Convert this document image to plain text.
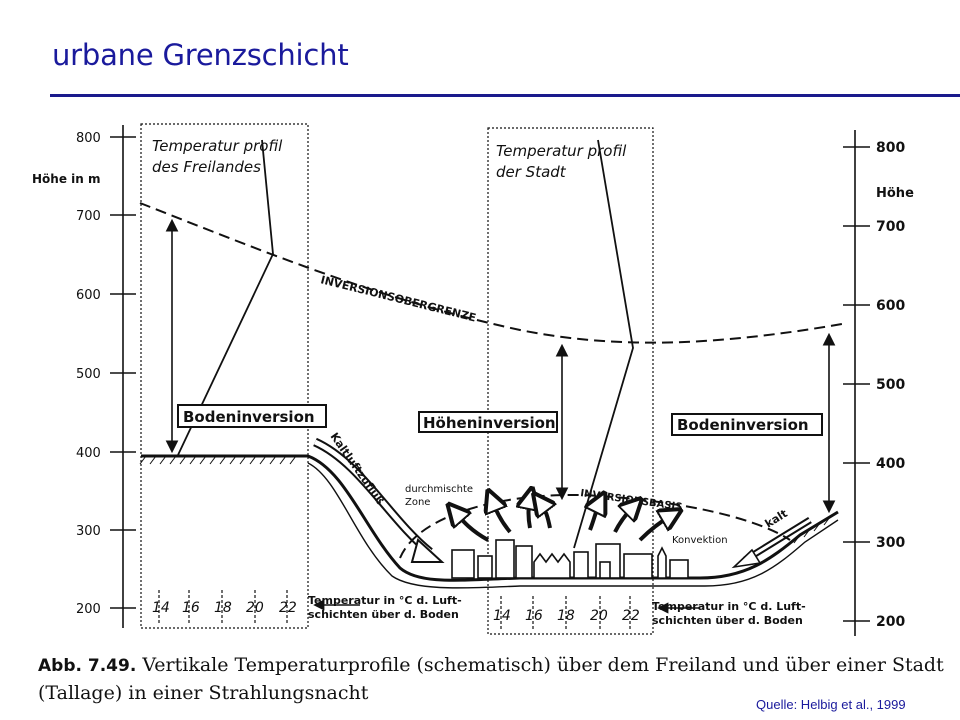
urbane Grenzschicht
Höhe in m
800
700
600
500
400
300
200
Höhe
800
700
600
500
400
300
200
Temperatur profil
des Freilandes
Temperatur profil
der Stadt
INVERSIONSOBERGRENZE
Bodeninversion	Höheninversion	Bodeninversion
Kaltluftzufluß
kalt
durchmischte
Zone	INVERSIONSBASIS
Konvektion
14 16 18 20 22	14 16 18 20 22
Temperatur in °C d. Luft-
schichten über d. Boden
Temperatur in °C d. Luft-
schichten über d. Boden
Abb. 7.49. Vertikale Temperaturprofile (schematisch) über dem Freiland und über einer Stadt
(Tallage) in einer Strahlungsnacht
Quelle: Helbig et al., 1999
